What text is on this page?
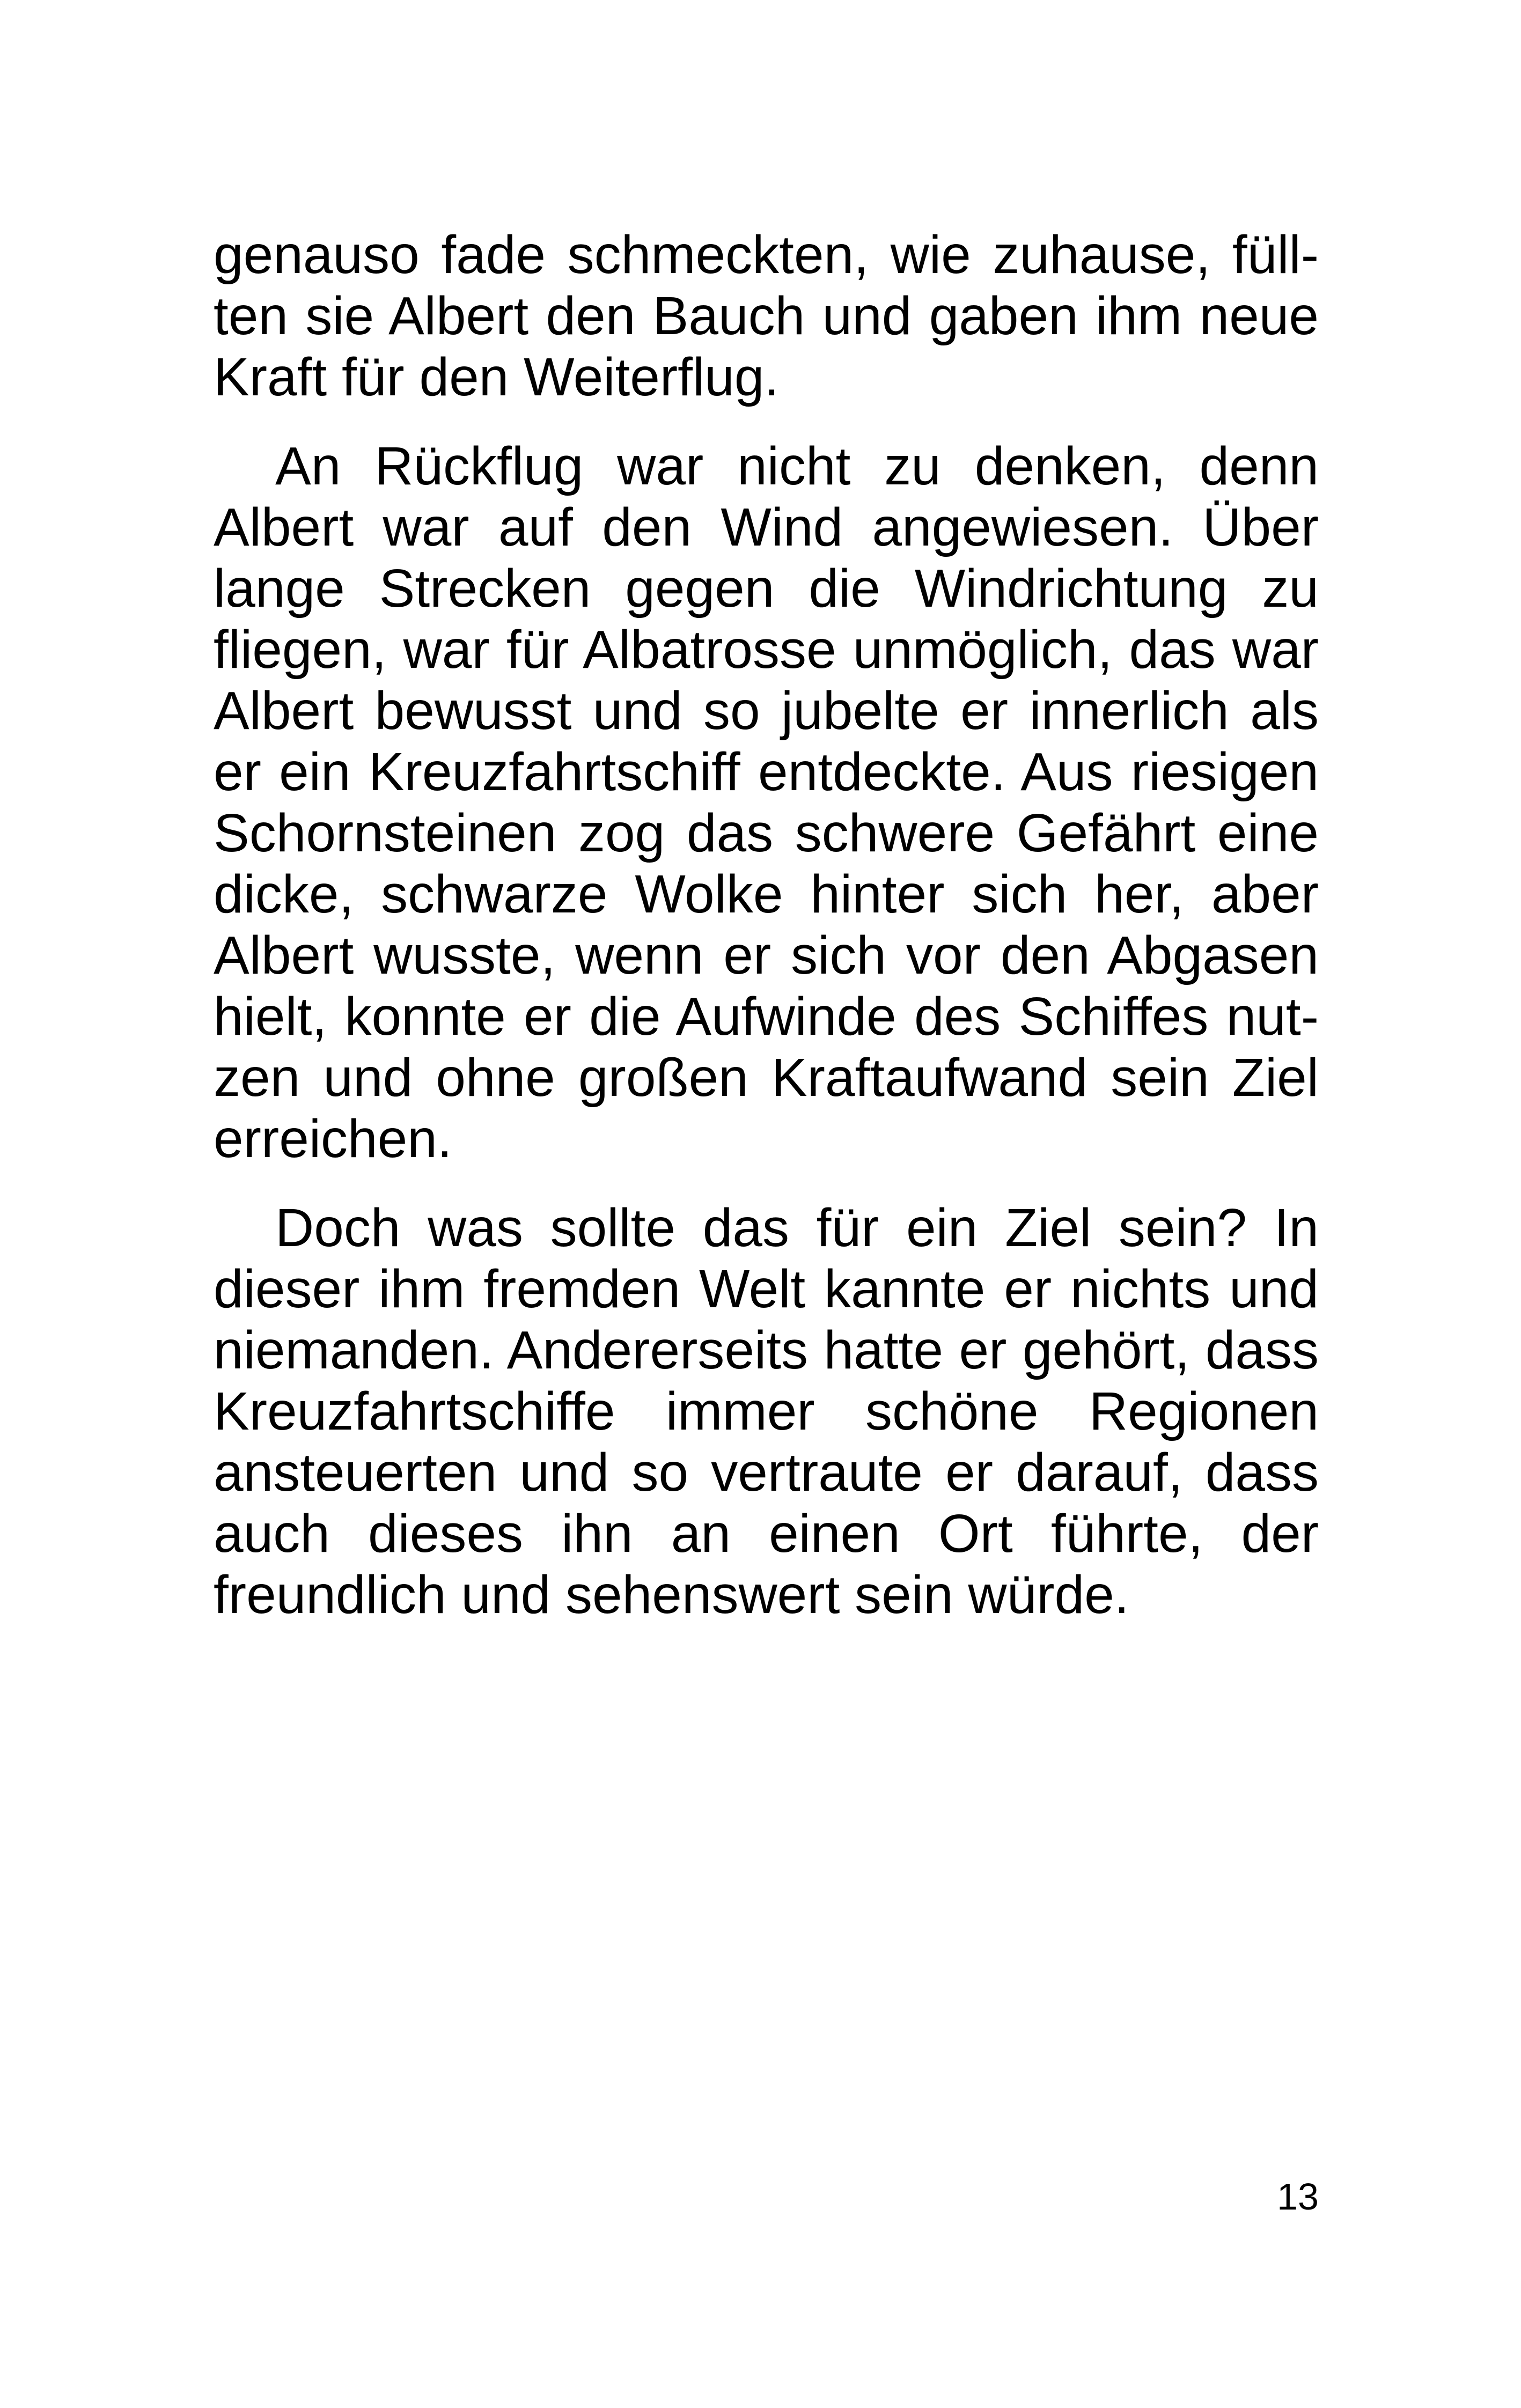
genauso fade schmeckten, wie zuhause, füll-
ten sie Albert den Bauch und gaben ihm neue
Kraft für den Weiterflug.

An Rückflug war nicht zu denken, denn
Albert war auf den Wind angewiesen. Über
lange Strecken gegen die Windrichtung zu
fliegen, war für Albatrosse unmöglich, das war
Albert bewusst und so jubelte er innerlich als
er ein Kreuzfahrtschiff entdeckte. Aus riesigen
Schornsteinen zog das schwere Gefährt eine
dicke, schwarze Wolke hinter sich her, aber
Albert wusste, wenn er sich vor den Abgasen
hielt, konnte er die Aufwinde des Schiffes nut-
zen und ohne großen Kraftaufwand sein Ziel
erreichen.

Doch was sollte das für ein Ziel sein? In
dieser ihm fremden Welt kannte er nichts und
niemanden. Andererseits hatte er gehört, dass
Kreuzfahrtschiffe immer schöne Regionen
ansteuerten und so vertraute er darauf, dass
auch dieses ihn an einen Ort führte, der
freundlich und sehenswert sein würde.

13
